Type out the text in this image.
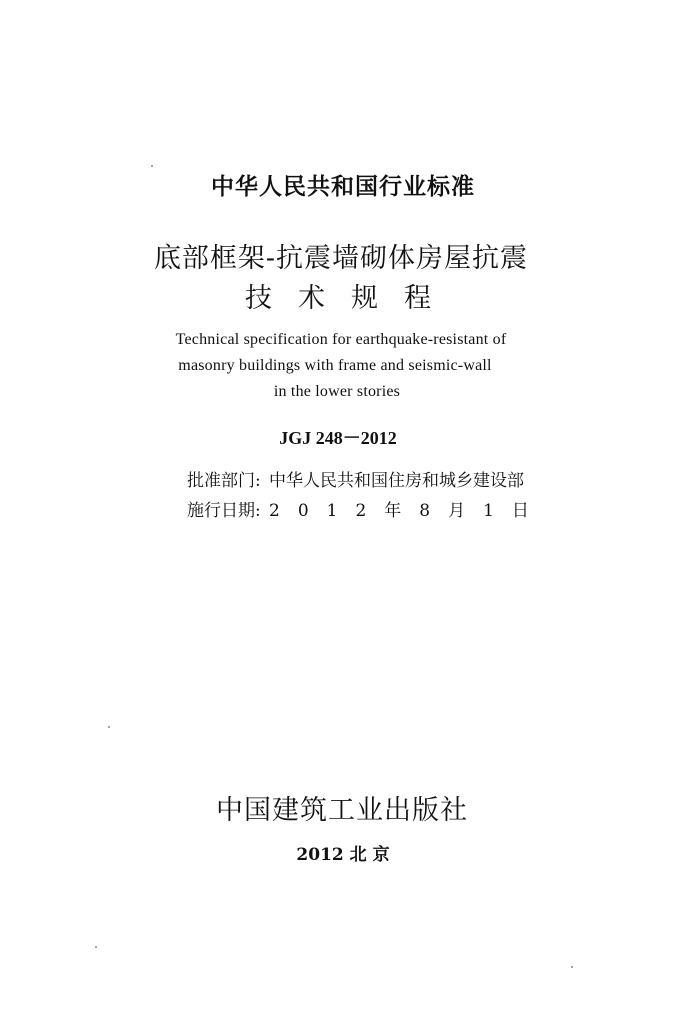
中华人民共和国行业标准
底部框架-抗震墙砌体房屋抗震
技术规程
Technical specification for earthquake-resistant of
masonry buildings with frame and seismic-wall
in the lower stories
JGJ 248－2012
批准部门: 中华人民共和国住房和城乡建设部
施行日期: 2012年8月1日
中国建筑工业出版社
2012 北 京
